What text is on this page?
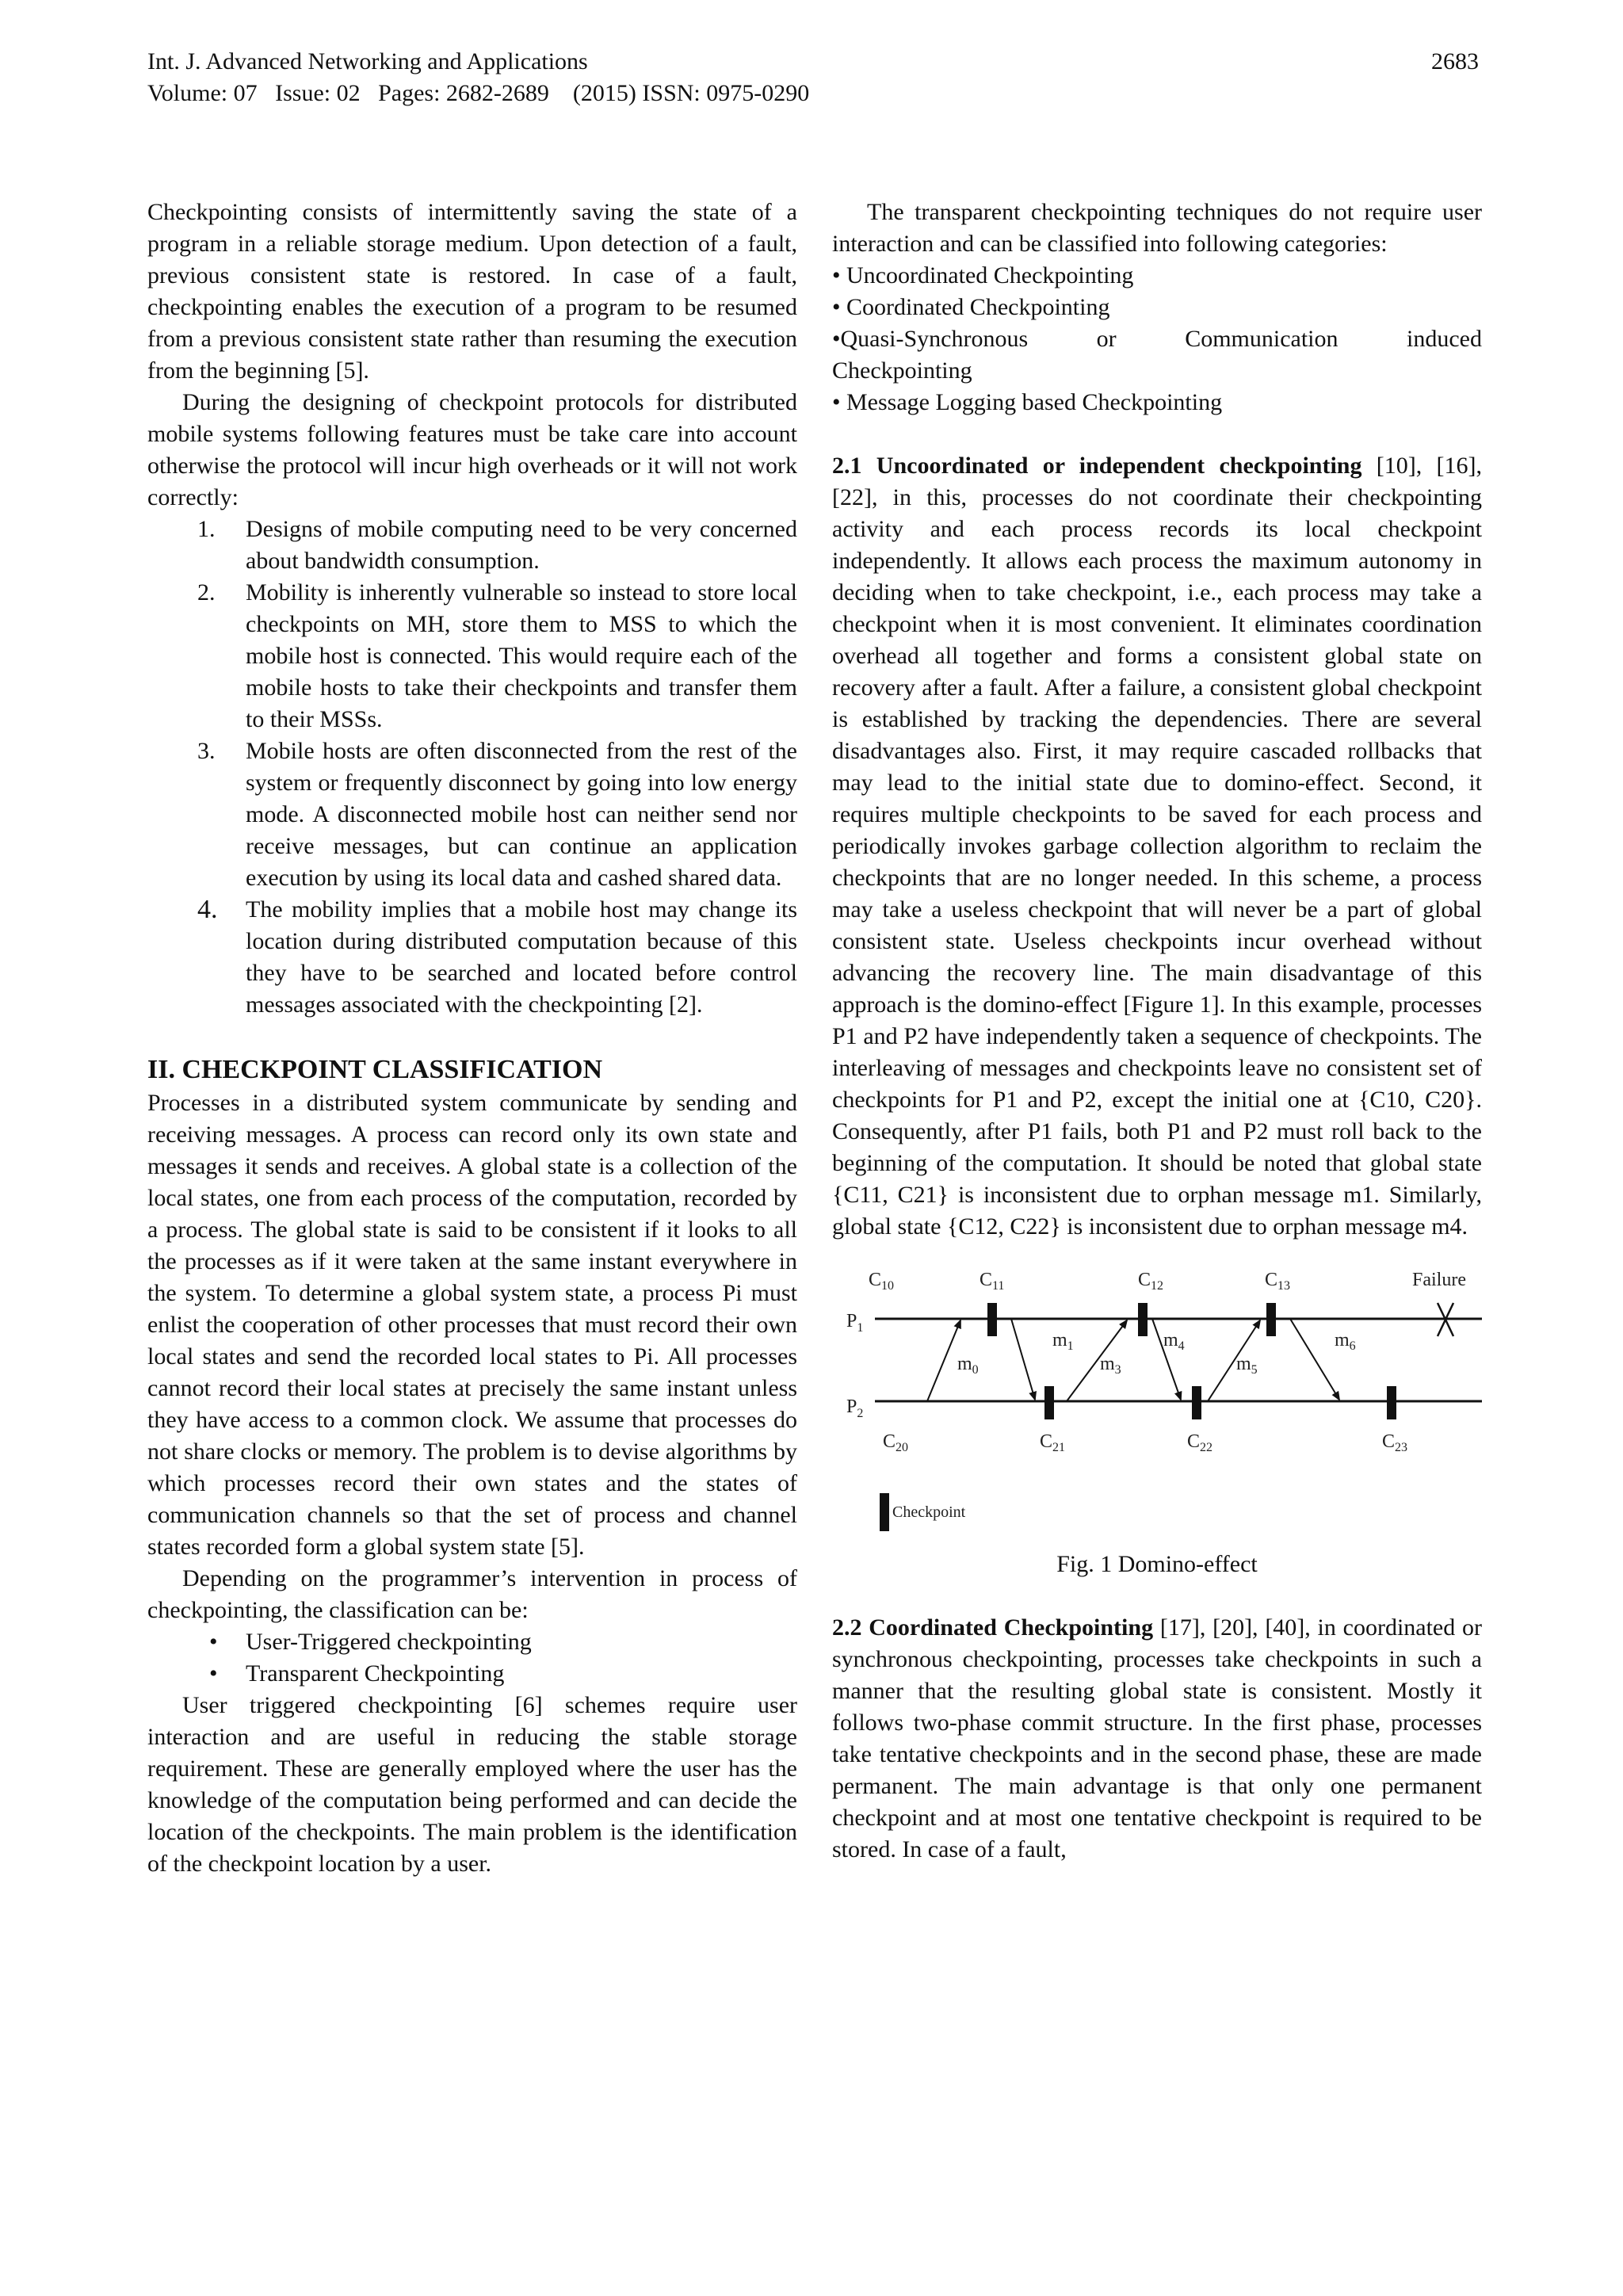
Int. J. Advanced Networking and Applications
Volume: 07   Issue: 02   Pages: 2682-2689    (2015) ISSN: 0975-0290
2683

Checkpointing consists of intermittently saving the state of a program in a reliable storage medium. Upon detection of a fault, previous consistent state is restored. In case of a fault, checkpointing enables the execution of a program to be resumed from a previous consistent state rather than resuming the execution from the beginning [5].

During the designing of checkpoint protocols for distributed mobile systems following features must be take care into account otherwise the protocol will incur high overheads or it will not work correctly:

1. Designs of mobile computing need to be very concerned about bandwidth consumption.
2. Mobility is inherently vulnerable so instead to store local checkpoints on MH, store them to MSS to which the mobile host is connected. This would require each of the mobile hosts to take their checkpoints and transfer them to their MSSs.
3. Mobile hosts are often disconnected from the rest of the system or frequently disconnect by going into low energy mode. A disconnected mobile host can neither send nor receive messages, but can continue an application execution by using its local data and cashed shared data.
4. The mobility implies that a mobile host may change its location during distributed computation because of this they have to be searched and located before control messages associated with the checkpointing [2].
II. CHECKPOINT CLASSIFICATION

Processes in a distributed system communicate by sending and receiving messages. A process can record only its own state and messages it sends and receives. A global state is a collection of the local states, one from each process of the computation, recorded by a process. The global state is said to be consistent if it looks to all the processes as if it were taken at the same instant everywhere in the system. To determine a global system state, a process Pi must enlist the cooperation of other processes that must record their own local states and send the recorded local states to Pi. All processes cannot record their local states at precisely the same instant unless they have access to a common clock. We assume that processes do not share clocks or memory. The problem is to devise algorithms by which processes record their own states and the states of communication channels so that the set of process and channel states recorded form a global system state [5].

Depending on the programmer’s intervention in process of checkpointing, the classification can be:

• User-Triggered checkpointing
• Transparent Checkpointing

User triggered checkpointing [6] schemes require user interaction and are useful in reducing the stable storage requirement. These are generally employed where the user has the knowledge of the computation being performed and can decide the location of the checkpoints. The main problem is the identification of the checkpoint location by a user.

The transparent checkpointing techniques do not require user interaction and can be classified into following categories:

• Uncoordinated Checkpointing
• Coordinated Checkpointing
•Quasi-Synchronous or Communication induced
Checkpointing
• Message Logging based Checkpointing

2.1 Uncoordinated or independent checkpointing [10], [16], [22], in this, processes do not coordinate their checkpointing activity and each process records its local checkpoint independently. It allows each process the maximum autonomy in deciding when to take checkpoint, i.e., each process may take a checkpoint when it is most convenient. It eliminates coordination overhead all together and forms a consistent global state on recovery after a fault. After a failure, a consistent global checkpoint is established by tracking the dependencies. There are several disadvantages also. First, it may require cascaded rollbacks that may lead to the initial state due to domino-effect. Second, it requires multiple checkpoints to be saved for each process and periodically invokes garbage collection algorithm to reclaim the checkpoints that are no longer needed. In this scheme, a process may take a useless checkpoint that will never be a part of global consistent state. Useless checkpoints incur overhead without advancing the recovery line. The main disadvantage of this approach is the domino-effect [Figure 1]. In this example, processes P1 and P2 have independently taken a sequence of checkpoints. The interleaving of messages and checkpoints leave no consistent set of checkpoints for P1 and P2, except the initial one at {C10, C20}. Consequently, after P1 fails, both P1 and P2 must roll back to the beginning of the computation. It should be noted that global state {C11, C21} is inconsistent due to orphan message m1. Similarly, global state {C12, C22} is inconsistent due to orphan message m4.

$P_1$
$P_2$
$C_{10}$	$C_{11}$	$C_{12}$	$C_{13}$	Failure
$C_{20}$	$C_{21}$	$C_{22}$	$C_{23}$
$m_0$
$m_1$
$m_3$
$m_4$
$m_5$
$m_6$
Checkpoint
Fig. 1 Domino-effect

2.2 Coordinated Checkpointing [17], [20], [40], in coordinated or synchronous checkpointing, processes take checkpoints in such a manner that the resulting global state is consistent. Mostly it follows two-phase commit structure. In the first phase, processes take tentative checkpoints and in the second phase, these are made permanent. The main advantage is that only one permanent checkpoint and at most one tentative checkpoint is required to be stored. In case of a fault,
